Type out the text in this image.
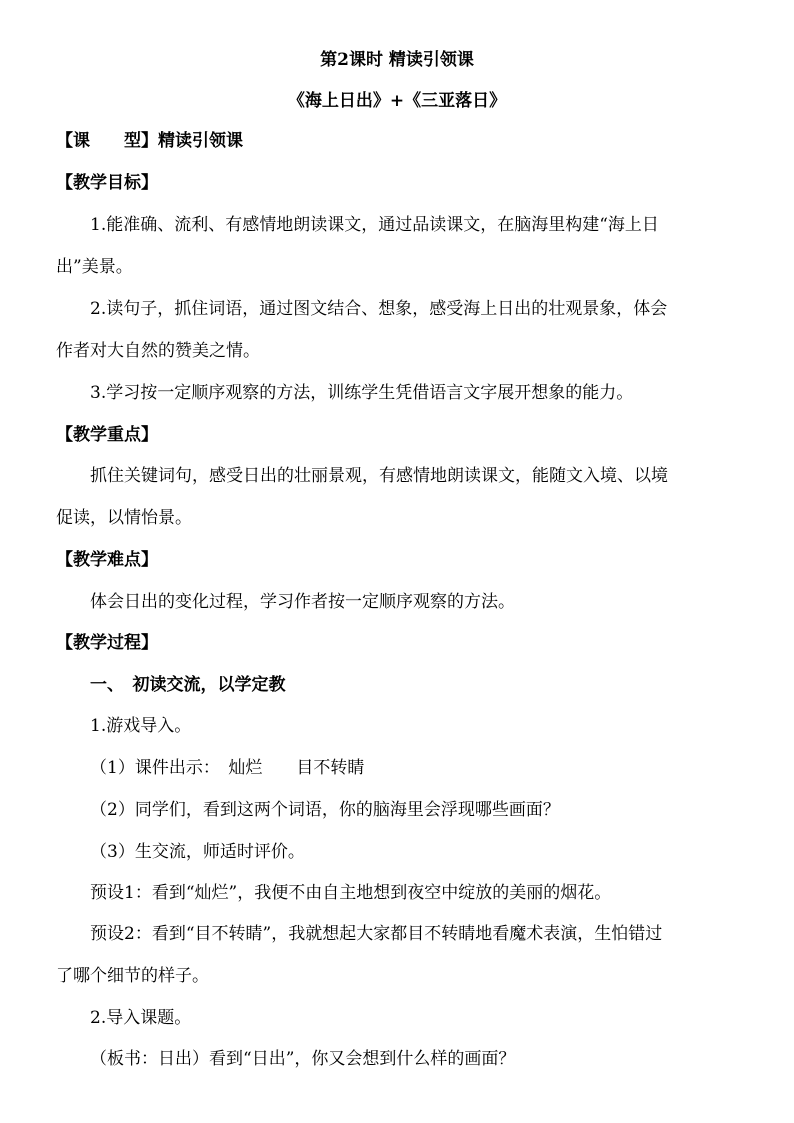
第2课时 精读引领课
《海上日出》+《三亚落日》
【课　　型】精读引领课
【教学目标】
1.能准确、流利、有感情地朗读课文，通过品读课文，在脑海里构建“海上日
出”美景。
2.读句子，抓住词语，通过图文结合、想象，感受海上日出的壮观景象，体会
作者对大自然的赞美之情。
3.学习按一定顺序观察的方法，训练学生凭借语言文字展开想象的能力。
【教学重点】
抓住关键词句，感受日出的壮丽景观，有感情地朗读课文，能随文入境、以境
促读，以情怡景。
【教学难点】
体会日出的变化过程，学习作者按一定顺序观察的方法。
【教学过程】
一、　初读交流，以学定教
1.游戏导入。
（1）课件出示：　灿烂　　目不转睛
（2）同学们，看到这两个词语，你的脑海里会浮现哪些画面？
（3）生交流，师适时评价。
预设1：看到“灿烂”，我便不由自主地想到夜空中绽放的美丽的烟花。
预设2：看到“目不转睛”，我就想起大家都目不转睛地看魔术表演，生怕错过
了哪个细节的样子。
2.导入课题。
（板书：日出）看到“日出”，你又会想到什么样的画面？
